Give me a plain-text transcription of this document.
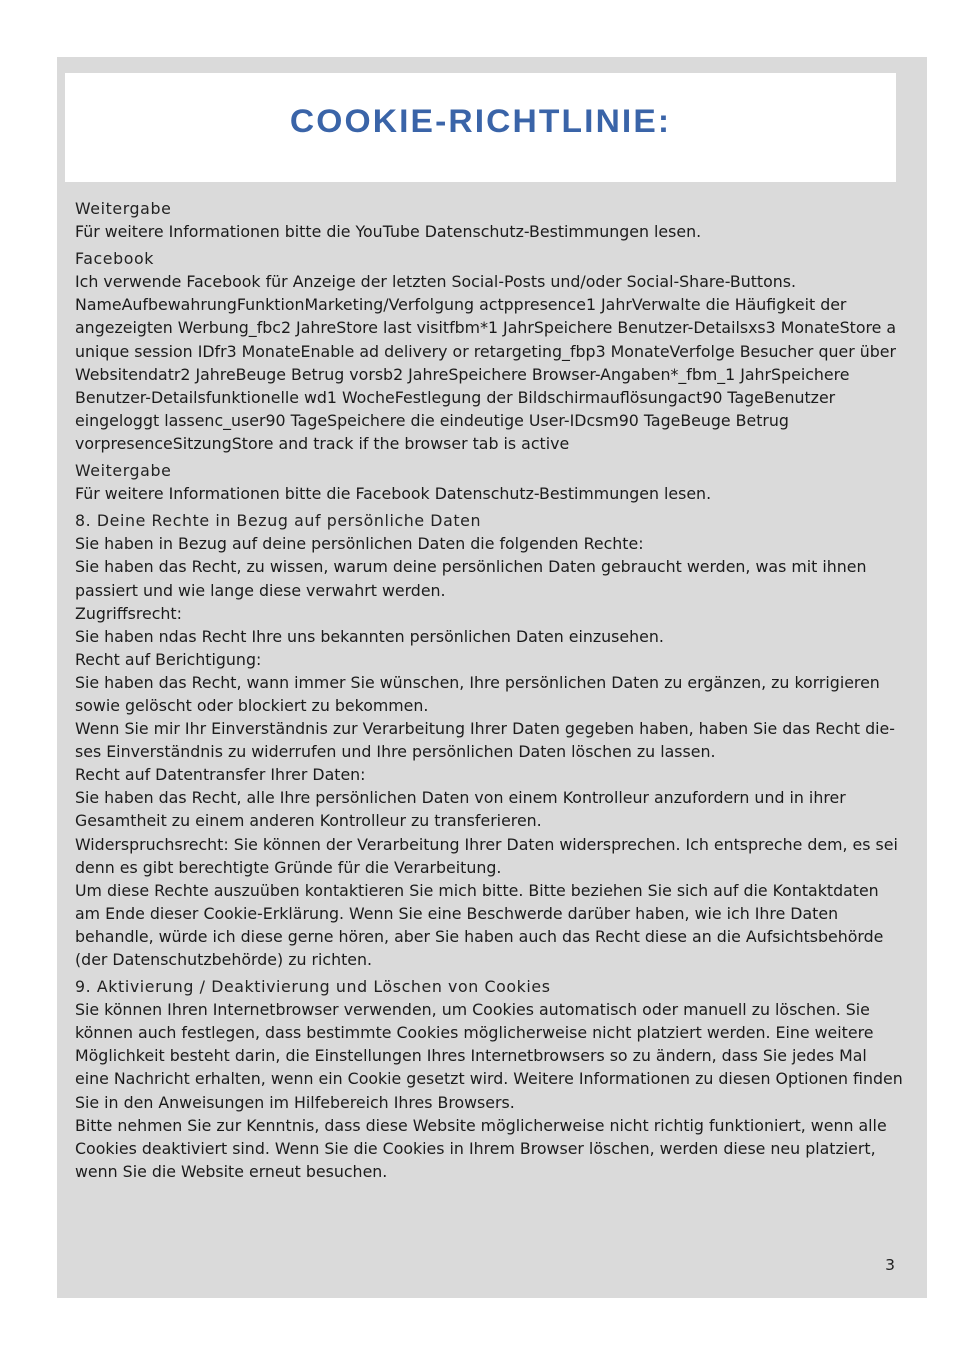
COOKIE-RICHTLINIE:

Weitergabe

Für weitere Informationen bitte die YouTube Datenschutz-Bestimmungen lesen.

Facebook

Ich verwende Facebook für Anzeige der letzten Social-Posts und/oder Social-Share-Buttons.

NameAufbewahrungFunktionMarketing/Verfolgung actppresence1 JahrVerwalte die Häufigkeit der angezeigten Werbung_fbc2 JahreStore last visitfbm*1 JahrSpeichere Benutzer-Detailsxs3 MonateStore a unique session IDfr3 MonateEnable ad delivery or retargeting_fbp3 MonateVerfolge Besucher quer über Websitendatr2 JahreBeuge Betrug vorsb2 JahreSpeichere Browser-Angaben*_fbm_1 JahrSpeichere Benutzer-Detailsfunktionelle wd1 WocheFestlegung der Bildschirmauflösungact90 TageBenutzer eingeloggt lassenc_user90 TageSpeichere die eindeutige User-IDcsm90 TageBeuge Betrug vorpresenceSitzungStore and track if the browser tab is active

Weitergabe

Für weitere Informationen bitte die Facebook Datenschutz-Bestimmungen lesen.

8. Deine Rechte in Bezug auf persönliche Daten

Sie haben in Bezug auf deine persönlichen Daten die folgenden Rechte:

Sie haben das Recht, zu wissen, warum deine persönlichen Daten gebraucht werden, was mit ihnen passiert und wie lange diese verwahrt werden.

Zugriffsrecht:

Sie haben ndas Recht Ihre uns bekannten persönlichen Daten einzusehen.

Recht auf Berichtigung:

Sie haben das Recht, wann immer Sie wünschen, Ihre persönlichen Daten zu ergänzen, zu korrigieren sowie gelöscht oder blockiert zu bekommen.

Wenn Sie mir Ihr Einverständnis zur Verarbeitung Ihrer Daten gegeben haben, haben Sie das Recht dieses Einverständnis zu widerrufen und Ihre persönlichen Daten löschen zu lassen.

Recht auf Datentransfer Ihrer Daten:

Sie haben das Recht, alle Ihre persönlichen Daten von einem Kontrolleur anzufordern und in ihrer Gesamtheit zu einem anderen Kontrolleur zu transferieren.

Widerspruchsrecht: Sie können der Verarbeitung Ihrer Daten widersprechen. Ich entspreche dem, es sei denn es gibt berechtigte Gründe für die Verarbeitung.

Um diese Rechte auszuüben kontaktieren Sie mich bitte. Bitte beziehen Sie sich auf die Kontaktdaten am Ende dieser Cookie-Erklärung. Wenn Sie eine Beschwerde darüber haben, wie ich Ihre Daten behandle, würde ich diese gerne hören, aber Sie haben auch das Recht diese an die Aufsichtsbehörde (der Datenschutzbehörde) zu richten.

9. Aktivierung / Deaktivierung und Löschen von Cookies

Sie können Ihren Internetbrowser verwenden, um Cookies automatisch oder manuell zu löschen. Sie können auch festlegen, dass bestimmte Cookies möglicherweise nicht platziert werden. Eine weitere Möglichkeit besteht darin, die Einstellungen Ihres Internetbrowsers so zu ändern, dass Sie jedes Mal eine Nachricht erhalten, wenn ein Cookie gesetzt wird. Weitere Informationen zu diesen Optionen finden Sie in den Anweisungen im Hilfebereich Ihres Browsers.

Bitte nehmen Sie zur Kenntnis, dass diese Website möglicherweise nicht richtig funktioniert, wenn alle Cookies deaktiviert sind. Wenn Sie die Cookies in Ihrem Browser löschen, werden diese neu platziert, wenn Sie die Website erneut besuchen.

3
